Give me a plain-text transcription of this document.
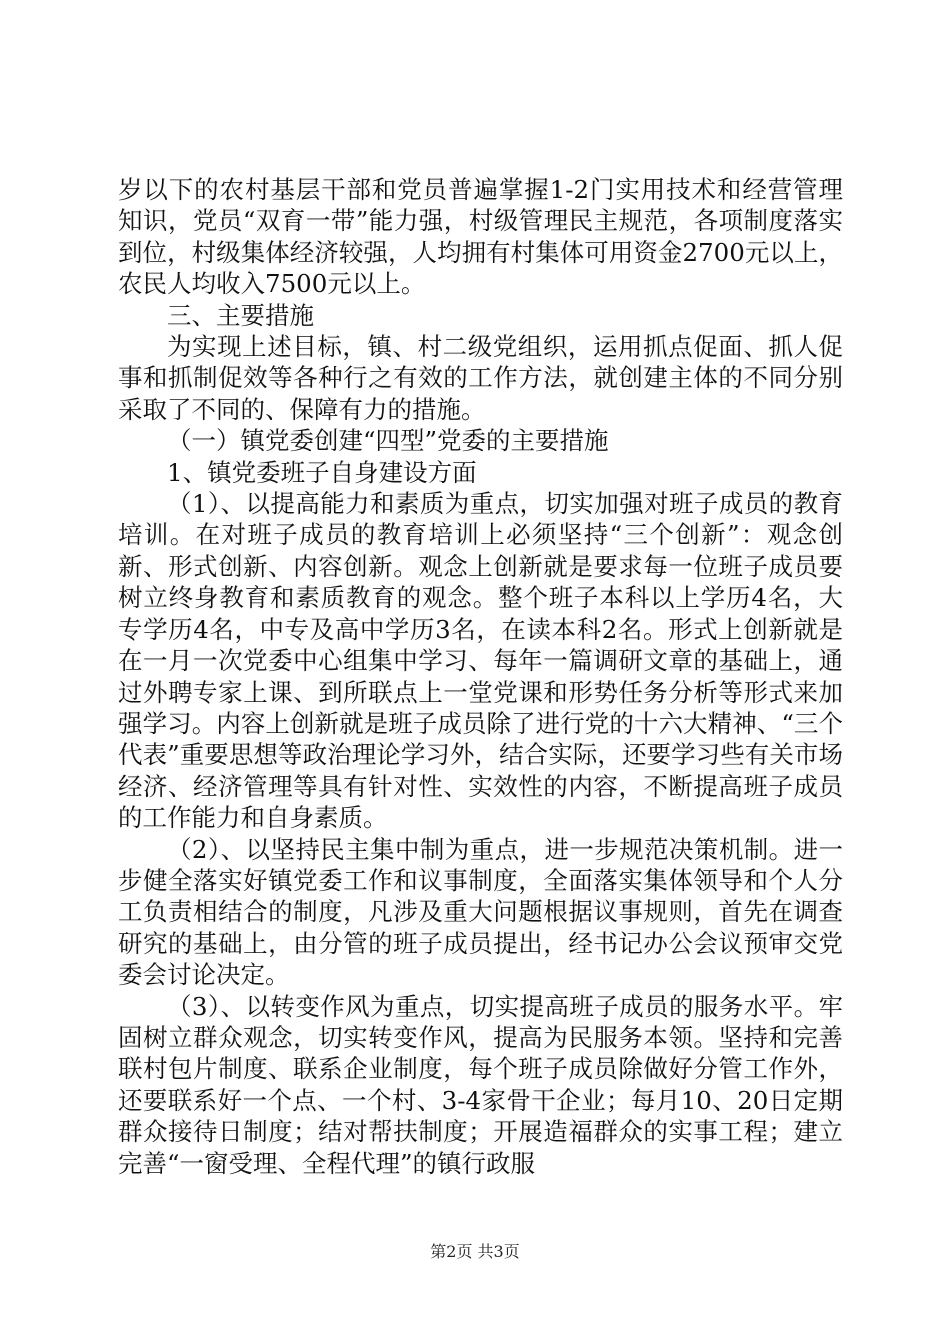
岁以下的农村基层干部和党员普遍掌握1-2门实用技术和经营管理知识，党员“双育一带”能力强，村级管理民主规范，各项制度落实到位，村级集体经济较强，人均拥有村集体可用资金2700元以上，农民人均收入7500元以上。

三、主要措施

为实现上述目标，镇、村二级党组织，运用抓点促面、抓人促事和抓制促效等各种行之有效的工作方法，就创建主体的不同分别采取了不同的、保障有力的措施。

（一）镇党委创建“四型”党委的主要措施

1、镇党委班子自身建设方面

（1）、以提高能力和素质为重点，切实加强对班子成员的教育培训。在对班子成员的教育培训上必须坚持“三个创新”：观念创新、形式创新、内容创新。观念上创新就是要求每一位班子成员要树立终身教育和素质教育的观念。整个班子本科以上学历4名，大专学历4名，中专及高中学历3名，在读本科2名。形式上创新就是在一月一次党委中心组集中学习、每年一篇调研文章的基础上，通过外聘专家上课、到所联点上一堂党课和形势任务分析等形式来加强学习。内容上创新就是班子成员除了进行党的十六大精神、“三个代表”重要思想等政治理论学习外，结合实际，还要学习些有关市场经济、经济管理等具有针对性、实效性的内容，不断提高班子成员的工作能力和自身素质。

（2）、以坚持民主集中制为重点，进一步规范决策机制。进一步健全落实好镇党委工作和议事制度，全面落实集体领导和个人分工负责相结合的制度，凡涉及重大问题根据议事规则，首先在调查研究的基础上，由分管的班子成员提出，经书记办公会议预审交党委会讨论决定。

（3）、以转变作风为重点，切实提高班子成员的服务水平。牢固树立群众观念，切实转变作风，提高为民服务本领。坚持和完善联村包片制度、联系企业制度，每个班子成员除做好分管工作外，还要联系好一个点、一个村、3-4家骨干企业；每月10、20日定期群众接待日制度；结对帮扶制度；开展造福群众的实事工程；建立完善“一窗受理、全程代理”的镇行政服

第2页 共3页
